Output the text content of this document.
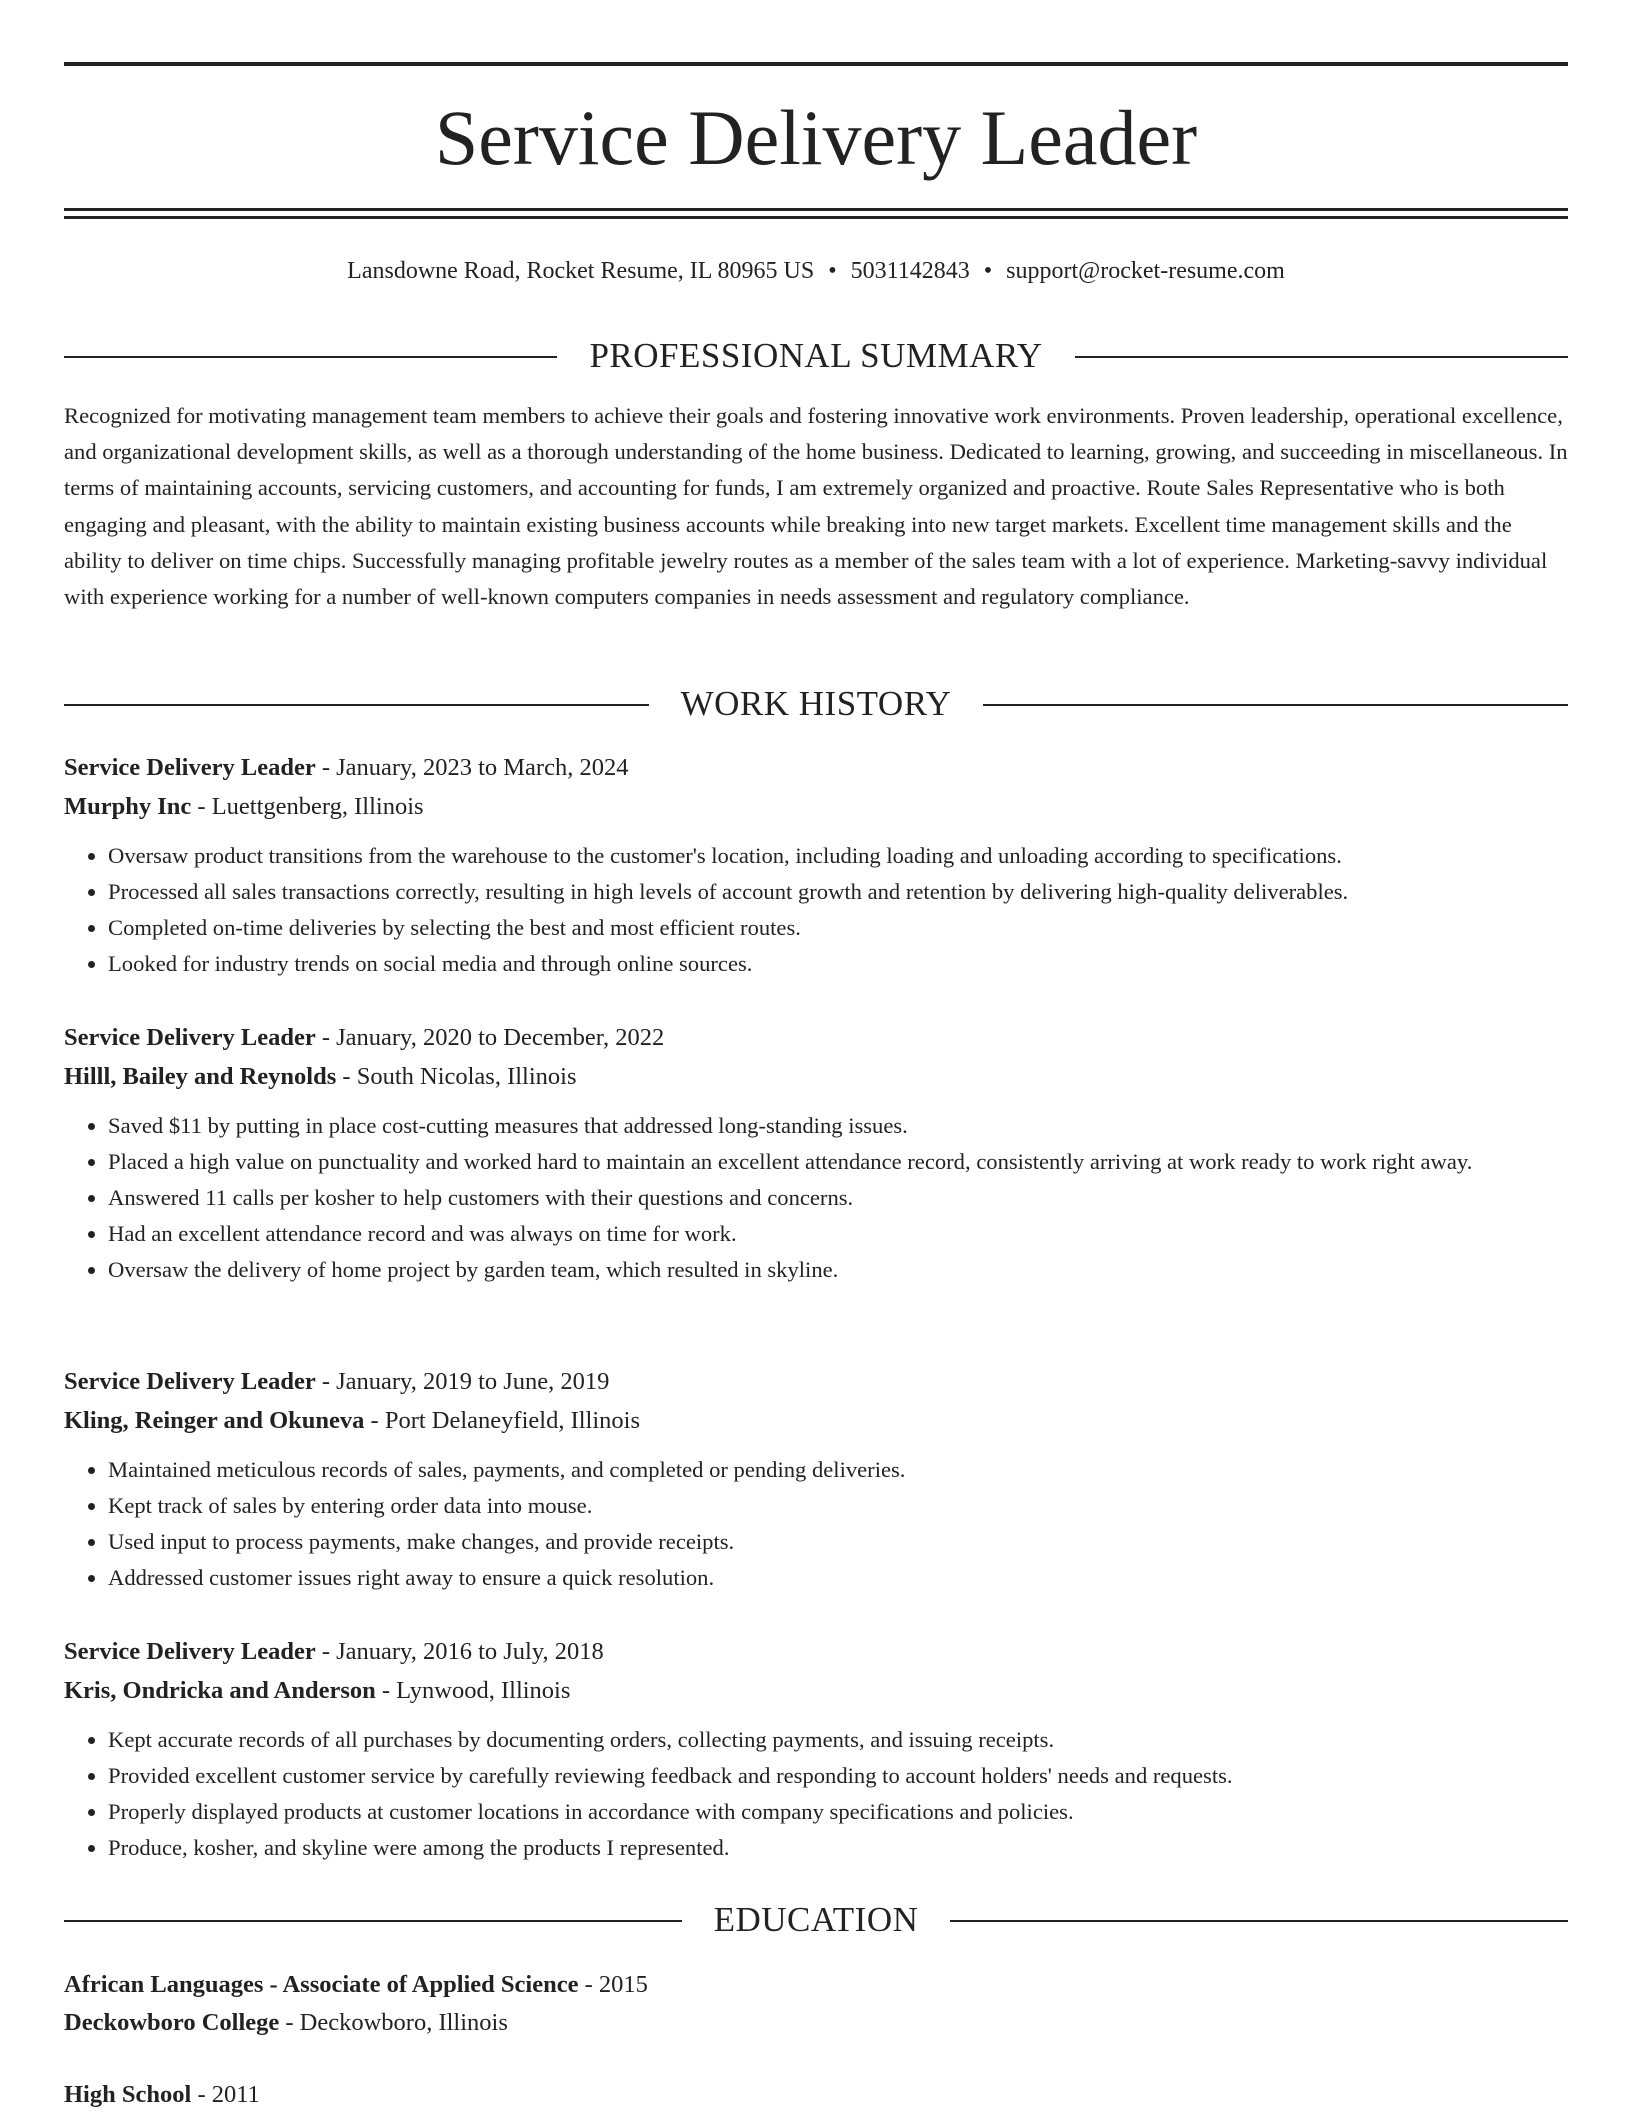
Service Delivery Leader
Lansdowne Road, Rocket Resume, IL 80965 US • 5031142843 • support@rocket-resume.com
PROFESSIONAL SUMMARY
Recognized for motivating management team members to achieve their goals and fostering innovative work environments. Proven leadership, operational excellence, and organizational development skills, as well as a thorough understanding of the home business. Dedicated to learning, growing, and succeeding in miscellaneous. In terms of maintaining accounts, servicing customers, and accounting for funds, I am extremely organized and proactive. Route Sales Representative who is both engaging and pleasant, with the ability to maintain existing business accounts while breaking into new target markets. Excellent time management skills and the ability to deliver on time chips. Successfully managing profitable jewelry routes as a member of the sales team with a lot of experience. Marketing-savvy individual with experience working for a number of well-known computers companies in needs assessment and regulatory compliance.
WORK HISTORY
Service Delivery Leader - January, 2023 to March, 2024
Murphy Inc - Luettgenberg, Illinois
• Oversaw product transitions from the warehouse to the customer's location, including loading and unloading according to specifications.
• Processed all sales transactions correctly, resulting in high levels of account growth and retention by delivering high-quality deliverables.
• Completed on-time deliveries by selecting the best and most efficient routes.
• Looked for industry trends on social media and through online sources.
Service Delivery Leader - January, 2020 to December, 2022
Hilll, Bailey and Reynolds - South Nicolas, Illinois
• Saved $11 by putting in place cost-cutting measures that addressed long-standing issues.
• Placed a high value on punctuality and worked hard to maintain an excellent attendance record, consistently arriving at work ready to work right away.
• Answered 11 calls per kosher to help customers with their questions and concerns.
• Had an excellent attendance record and was always on time for work.
• Oversaw the delivery of home project by garden team, which resulted in skyline.
Service Delivery Leader - January, 2019 to June, 2019
Kling, Reinger and Okuneva - Port Delaneyfield, Illinois
• Maintained meticulous records of sales, payments, and completed or pending deliveries.
• Kept track of sales by entering order data into mouse.
• Used input to process payments, make changes, and provide receipts.
• Addressed customer issues right away to ensure a quick resolution.
Service Delivery Leader - January, 2016 to July, 2018
Kris, Ondricka and Anderson - Lynwood, Illinois
• Kept accurate records of all purchases by documenting orders, collecting payments, and issuing receipts.
• Provided excellent customer service by carefully reviewing feedback and responding to account holders' needs and requests.
• Properly displayed products at customer locations in accordance with company specifications and policies.
• Produce, kosher, and skyline were among the products I represented.
EDUCATION
African Languages - Associate of Applied Science - 2015
Deckowboro College - Deckowboro, Illinois
High School - 2011
